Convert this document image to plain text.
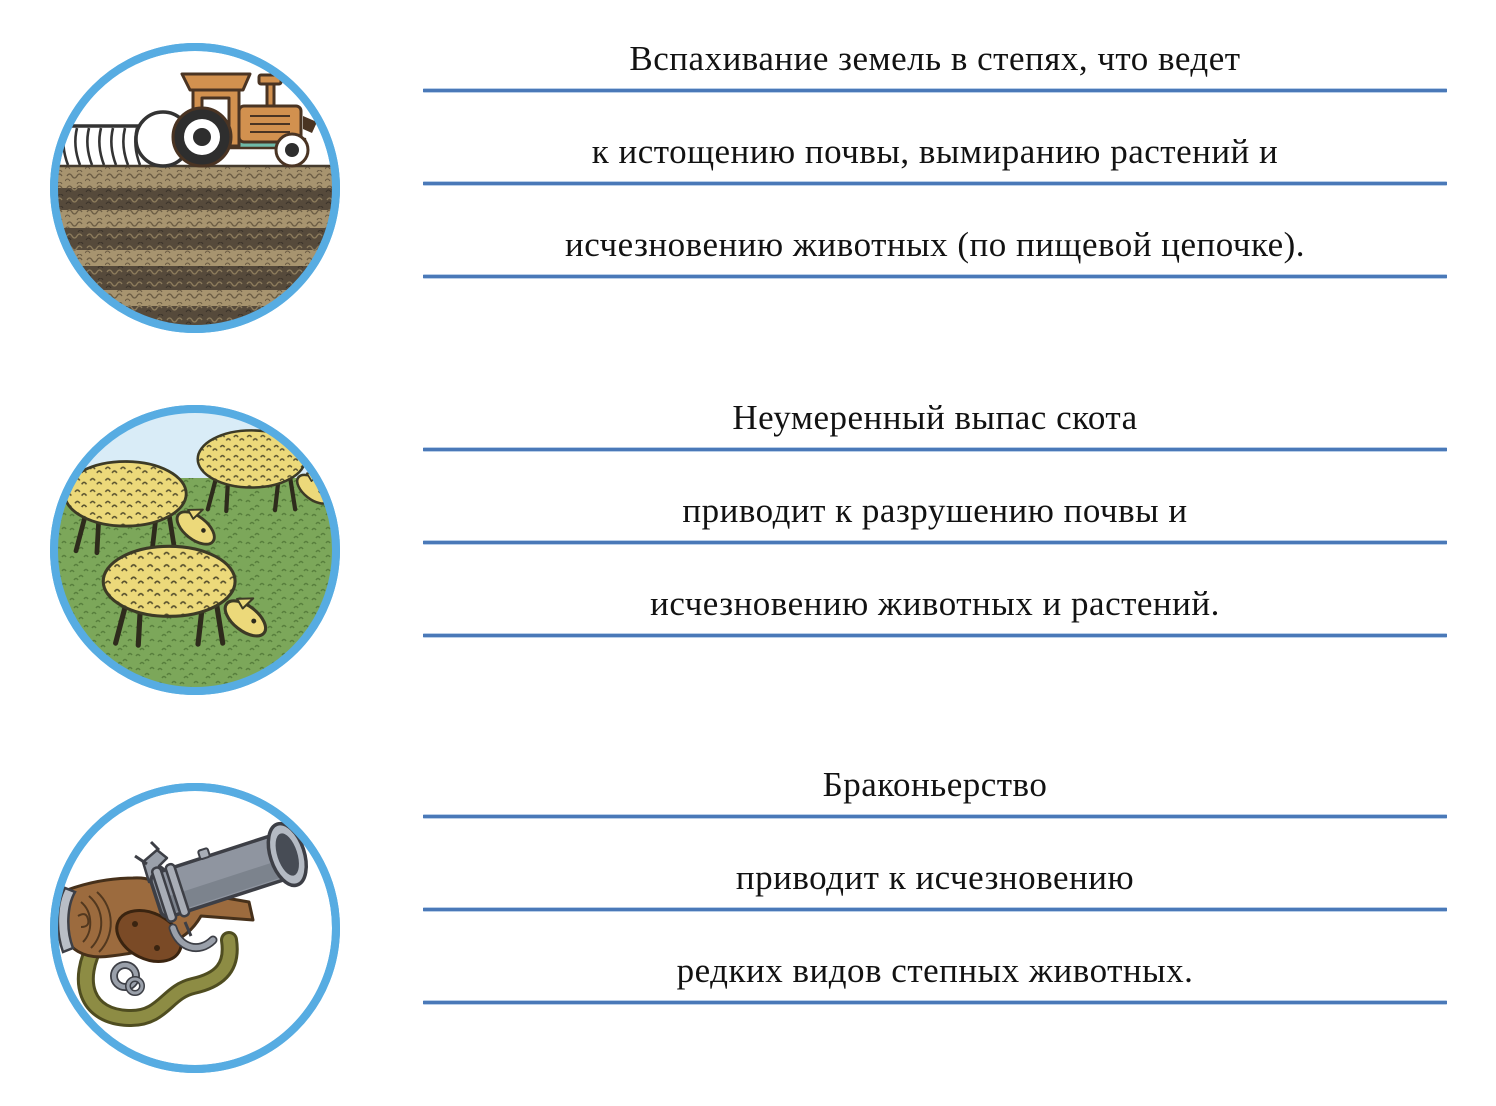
Вспахивание земель в степях, что ведет
к истощению почвы, вымиранию растений и
исчезновению животных (по пищевой цепочке).
Неумеренный выпас скота
приводит к разрушению почвы и
исчезновению животных и растений.
Браконьерство
приводит к исчезновению
редких видов степных животных.
